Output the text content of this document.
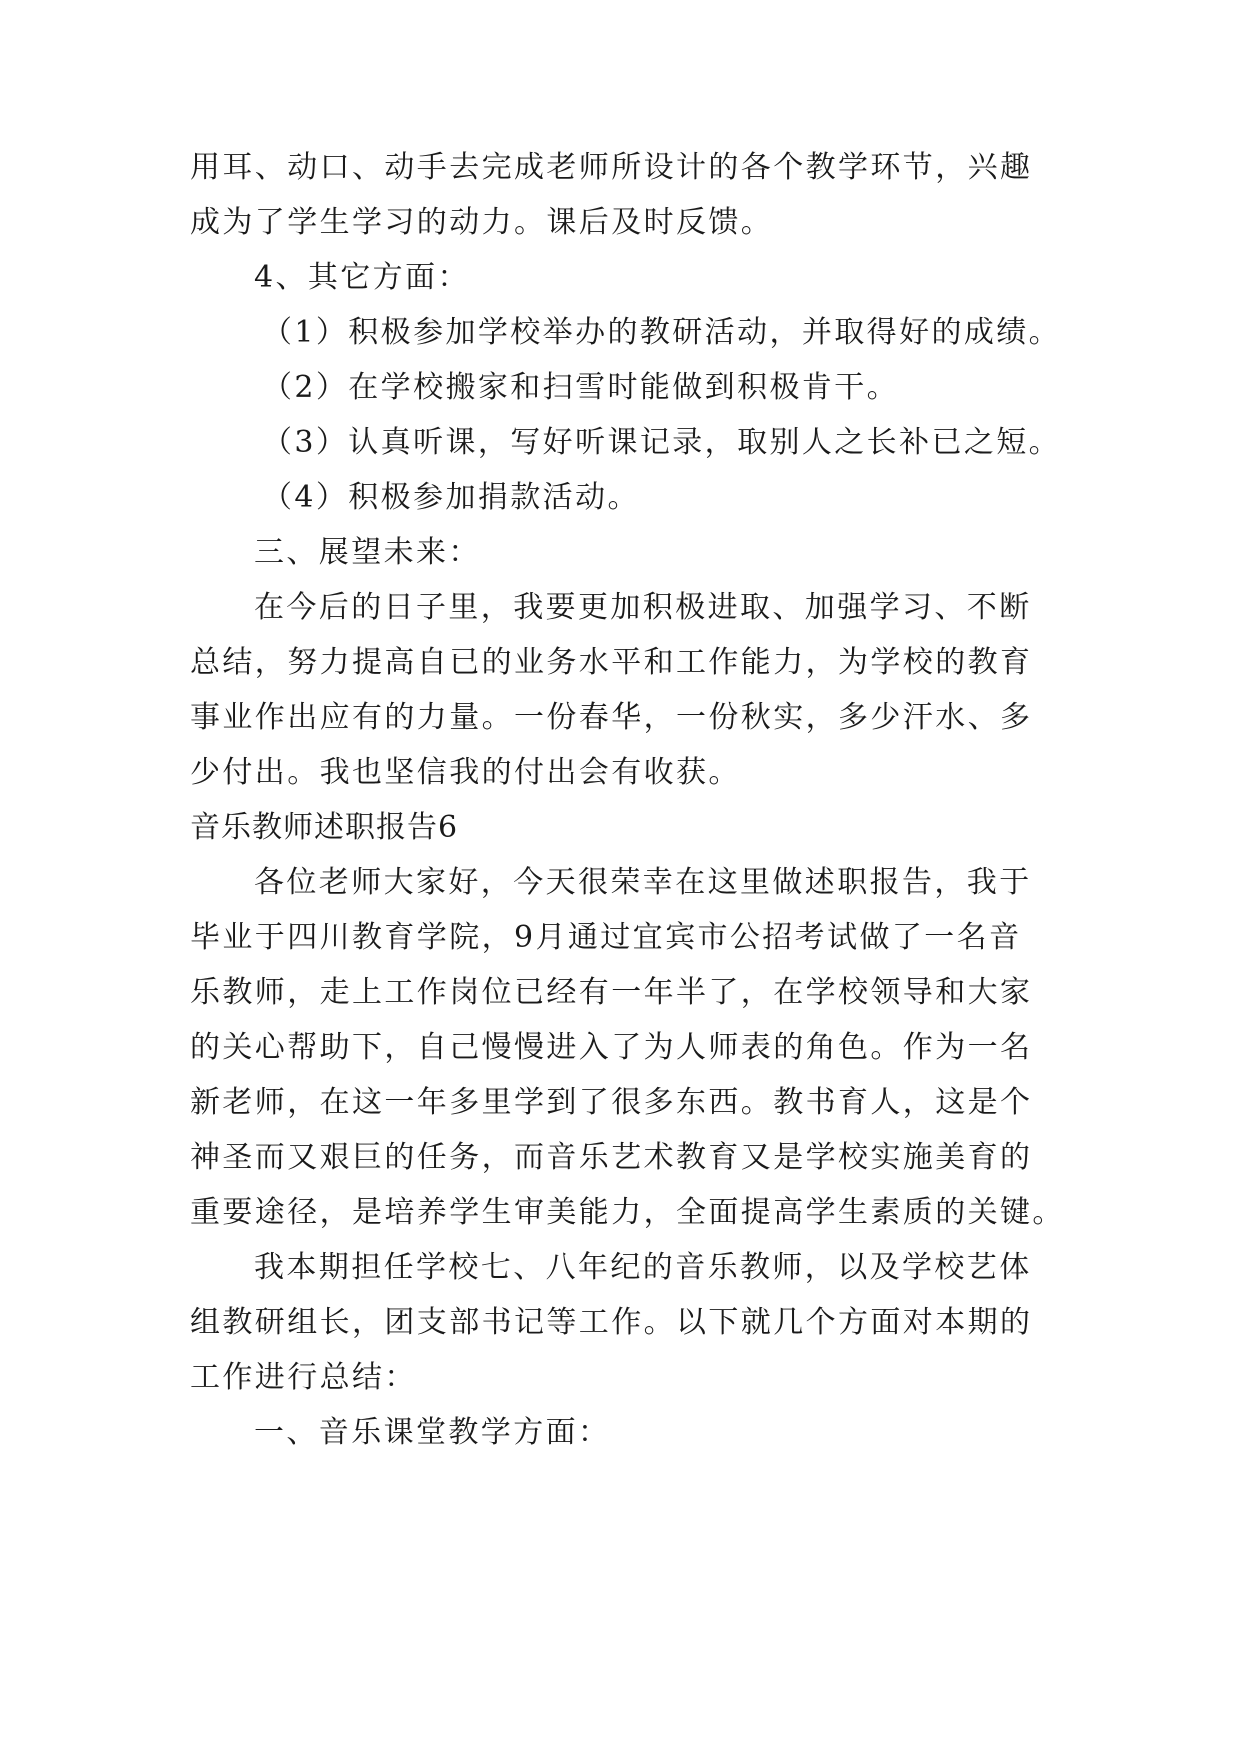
用耳、动口、动手去完成老师所设计的各个教学环节，兴趣
成为了学生学习的动力。课后及时反馈。
4、其它方面：
（1）积极参加学校举办的教研活动，并取得好的成绩。
（2）在学校搬家和扫雪时能做到积极肯干。
（3）认真听课，写好听课记录，取别人之长补已之短。
（4）积极参加捐款活动。
三、展望未来：
在今后的日子里，我要更加积极进取、加强学习、不断
总结，努力提高自已的业务水平和工作能力，为学校的教育
事业作出应有的力量。一份春华，一份秋实，多少汗水、多
少付出。我也坚信我的付出会有收获。
音乐教师述职报告6
各位老师大家好，今天很荣幸在这里做述职报告，我于
毕业于四川教育学院，9月通过宜宾市公招考试做了一名音
乐教师，走上工作岗位已经有一年半了，在学校领导和大家
的关心帮助下，自己慢慢进入了为人师表的角色。作为一名
新老师，在这一年多里学到了很多东西。教书育人，这是个
神圣而又艰巨的任务，而音乐艺术教育又是学校实施美育的
重要途径，是培养学生审美能力，全面提高学生素质的关键。
我本期担任学校七、八年纪的音乐教师，以及学校艺体
组教研组长，团支部书记等工作。以下就几个方面对本期的
工作进行总结：
一、音乐课堂教学方面：
